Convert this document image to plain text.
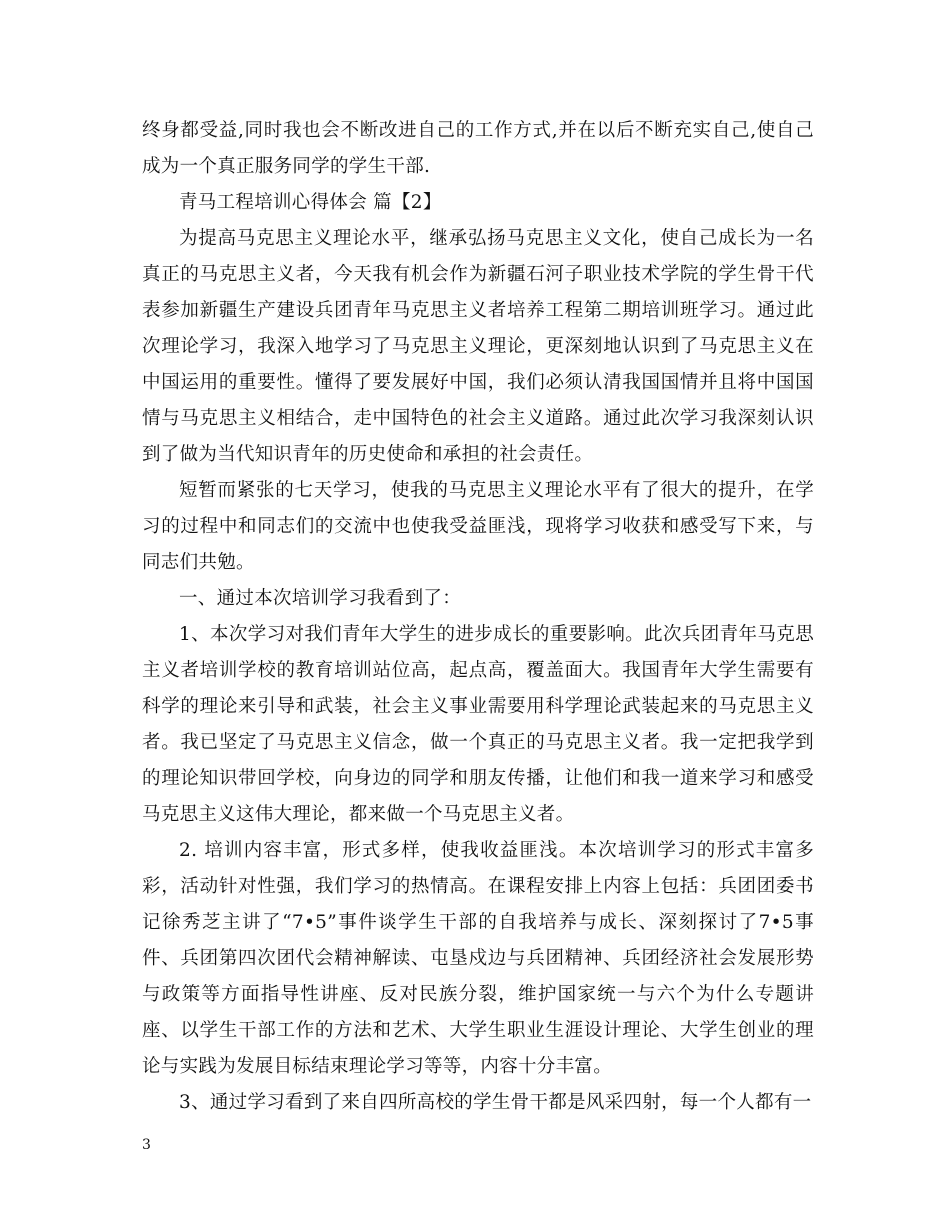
终身都受益,同时我也会不断改进自己的工作方式,并在以后不断充实自己,使自己成为一个真正服务同学的学生干部.

青马工程培训心得体会 篇【2】

为提高马克思主义理论水平，继承弘扬马克思主义文化，使自己成长为一名真正的马克思主义者，今天我有机会作为新疆石河子职业技术学院的学生骨干代表参加新疆生产建设兵团青年马克思主义者培养工程第二期培训班学习。通过此次理论学习，我深入地学习了马克思主义理论，更深刻地认识到了马克思主义在中国运用的重要性。懂得了要发展好中国，我们必须认清我国国情并且将中国国情与马克思主义相结合，走中国特色的社会主义道路。通过此次学习我深刻认识到了做为当代知识青年的历史使命和承担的社会责任。

短暂而紧张的七天学习，使我的马克思主义理论水平有了很大的提升，在学习的过程中和同志们的交流中也使我受益匪浅，现将学习收获和感受写下来，与同志们共勉。

一、通过本次培训学习我看到了：

1、本次学习对我们青年大学生的进步成长的重要影响。此次兵团青年马克思主义者培训学校的教育培训站位高，起点高，覆盖面大。我国青年大学生需要有科学的理论来引导和武装，社会主义事业需要用科学理论武装起来的马克思主义者。我已坚定了马克思主义信念，做一个真正的马克思主义者。我一定把我学到的理论知识带回学校，向身边的同学和朋友传播，让他们和我一道来学习和感受马克思主义这伟大理论，都来做一个马克思主义者。

2. 培训内容丰富，形式多样，使我收益匪浅。本次培训学习的形式丰富多彩，活动针对性强，我们学习的热情高。在课程安排上内容上包括：兵团团委书记徐秀芝主讲了“7•5”事件谈学生干部的自我培养与成长、深刻探讨了7•5事件、兵团第四次团代会精神解读、屯垦戍边与兵团精神、兵团经济社会发展形势与政策等方面指导性讲座、反对民族分裂，维护国家统一与六个为什么专题讲座、以学生干部工作的方法和艺术、大学生职业生涯设计理论、大学生创业的理论与实践为发展目标结束理论学习等等，内容十分丰富。

3、通过学习看到了来自四所高校的学生骨干都是风采四射，每一个人都有一

3
